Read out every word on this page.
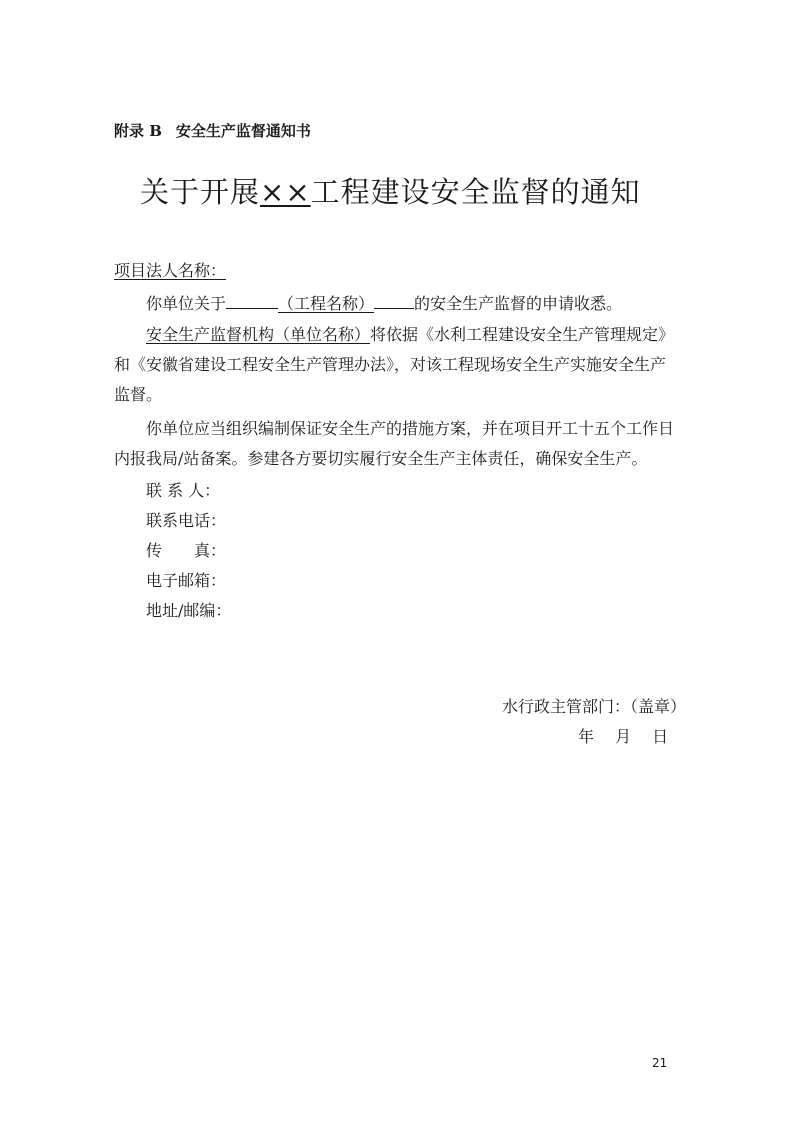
附录 B 安全生产监督通知书
关于开展××工程建设安全监督的通知
项目法人名称：
你单位关于	（工程名称）	的安全生产监督的申请收悉。
安全生产监督机构（单位名称）将依据《水利工程建设安全生产管理规定》
和《安徽省建设工程安全生产管理办法》，对该工程现场安全生产实施安全生产
监督。
你单位应当组织编制保证安全生产的措施方案，并在项目开工十五个工作日
内报我局/站备案。参建各方要切实履行安全生产主体责任，确保安全生产。
联 系 人：
联系电话：
传　　真：
电子邮箱：
地址/邮编：
水行政主管部门：（盖章）
年　 月　 日
21
